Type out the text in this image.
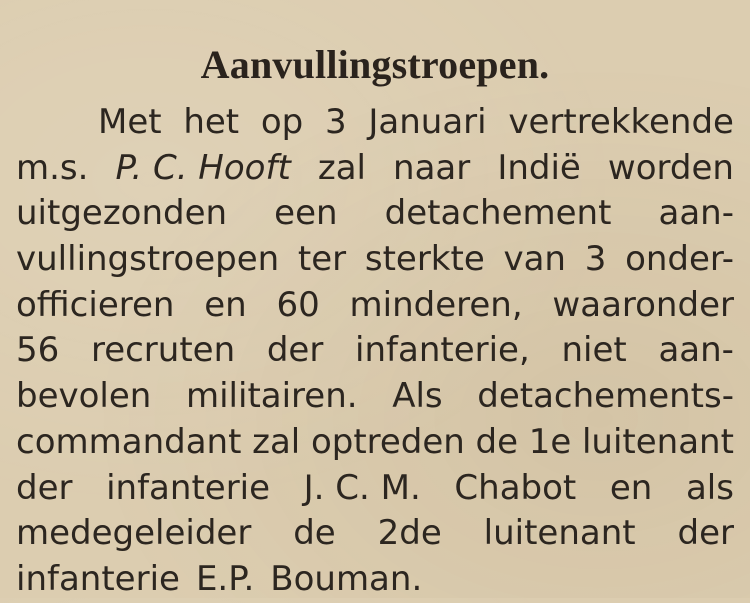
Aanvullingstroepen.
Met het op 3 Januari vertrekkende
m.s. P. C. Hooft zal naar Indië worden
uitgezonden een detachement aan-
vullingstroepen ter sterkte van 3 onder-
officieren en 60 minderen, waaronder
56 recruten der infanterie, niet aan-
bevolen militairen. Als detachements-
commandant zal optreden de 1e luitenant
der infanterie J. C. M. Chabot en als
medegeleider de 2de luitenant der
infanterie E.P. Bouman.
